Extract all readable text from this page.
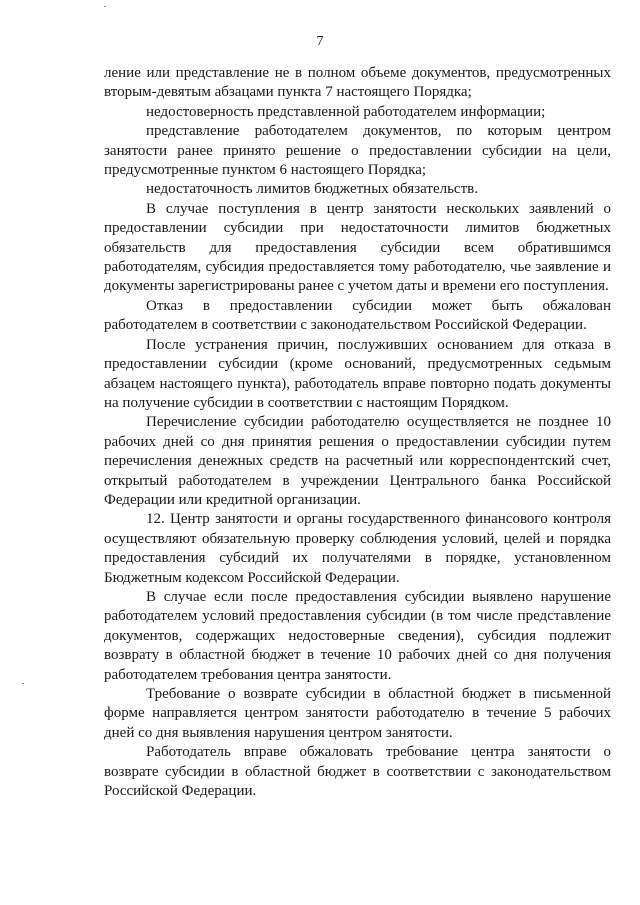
7

ление или представление не в полном объеме документов, предусмотренных вторым-девятым абзацами пункта 7 настоящего Порядка;

недостоверность представленной работодателем информации;

представление работодателем документов, по которым центром занятости ранее принято решение о предоставлении субсидии на цели, предусмотренные пунктом 6 настоящего Порядка;

недостаточность лимитов бюджетных обязательств.

В случае поступления в центр занятости нескольких заявлений о предоставлении субсидии при недостаточности лимитов бюджетных обязательств для предоставления субсидии всем обратившимся работодателям, субсидия предоставляется тому работодателю, чье заявление и документы зарегистрированы ранее с учетом даты и времени его поступления.

Отказ в предоставлении субсидии может быть обжалован работодателем в соответствии с законодательством Российской Федерации.

После устранения причин, послуживших основанием для отказа в предоставлении субсидии (кроме оснований, предусмотренных седьмым абзацем настоящего пункта), работодатель вправе повторно подать документы на получение субсидии в соответствии с настоящим Порядком.

Перечисление субсидии работодателю осуществляется не позднее 10 рабочих дней со дня принятия решения о предоставлении субсидии путем перечисления денежных средств на расчетный или корреспондентский счет, открытый работодателем в учреждении Центрального банка Российской Федерации или кредитной организации.

12. Центр занятости и органы государственного финансового контроля осуществляют обязательную проверку соблюдения условий, целей и порядка предоставления субсидий их получателями в порядке, установленном Бюджетным кодексом Российской Федерации.

В случае если после предоставления субсидии выявлено нарушение работодателем условий предоставления субсидии (в том числе представление документов, содержащих недостоверные сведения), субсидия подлежит возврату в областной бюджет в течение 10 рабочих дней со дня получения работодателем требования центра занятости.

Требование о возврате субсидии в областной бюджет в письменной форме направляется центром занятости работодателю в течение 5 рабочих дней со дня выявления нарушения центром занятости.

Работодатель вправе обжаловать требование центра занятости о возврате субсидии в областной бюджет в соответствии с законодательством Российской Федерации.
